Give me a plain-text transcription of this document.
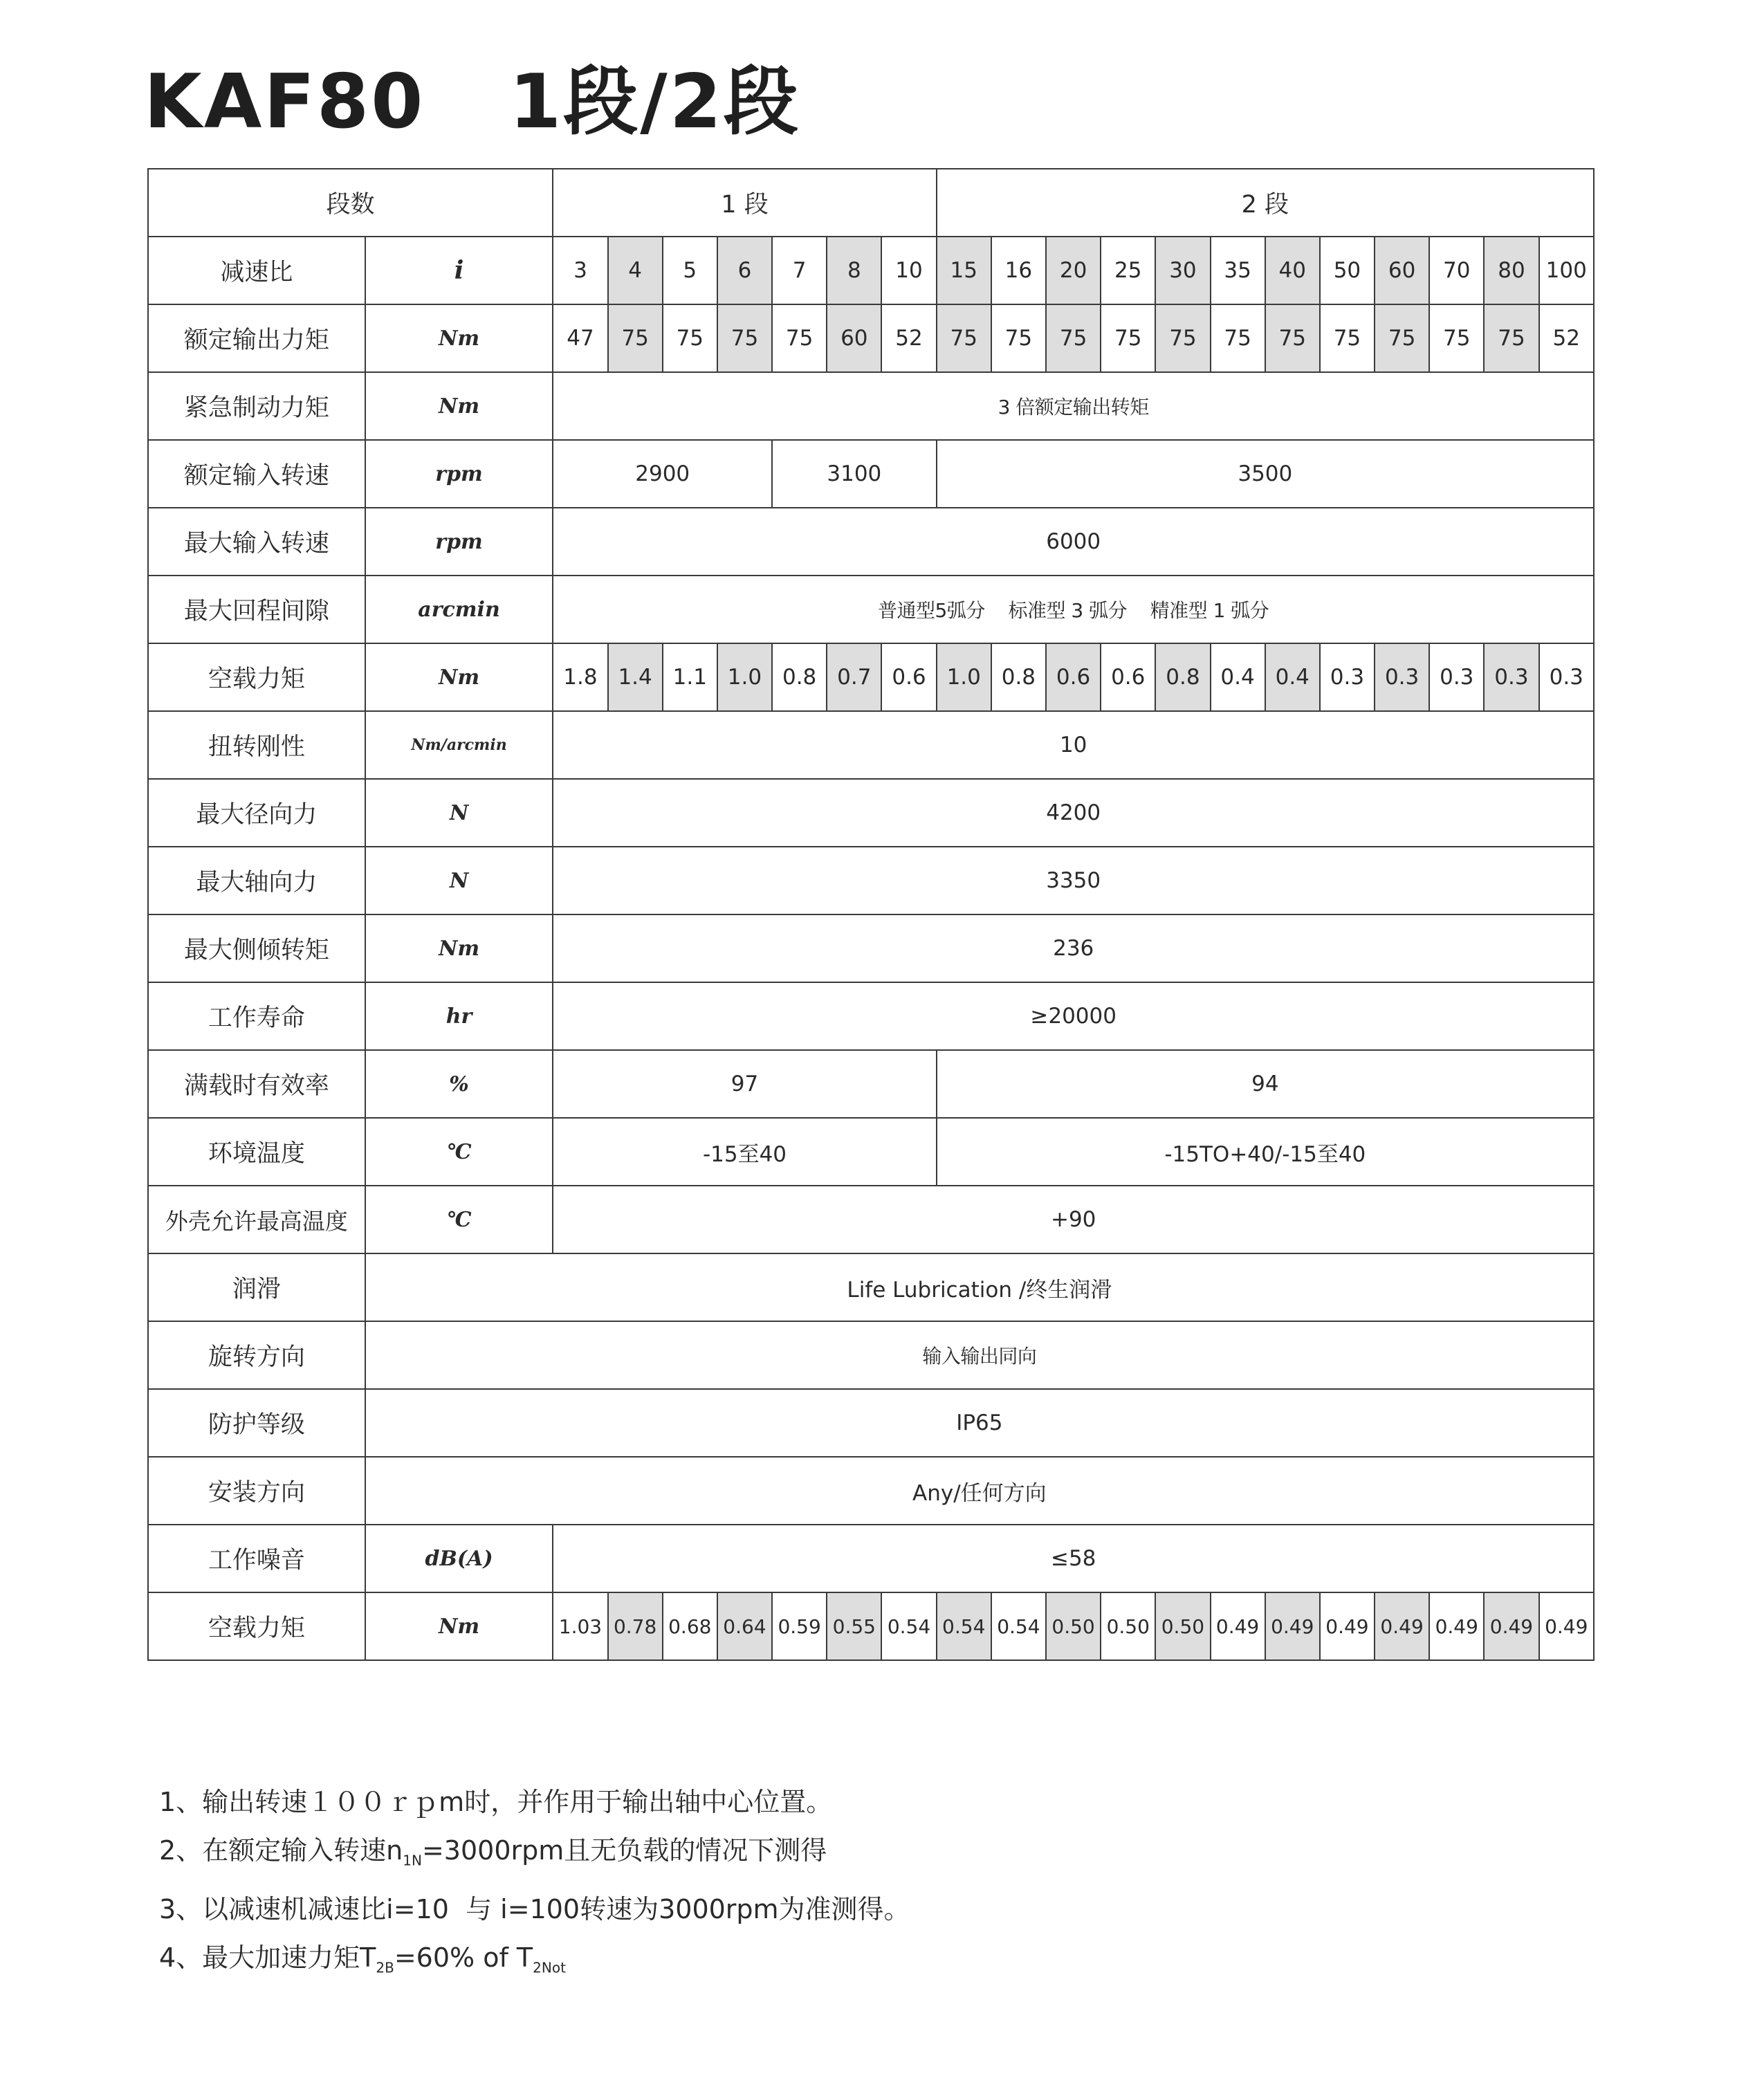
KAF80   1段/2段
段数		1 段							2 段											
减速比	i	3	4	5	6	7	8	10	15	16	20	25	30	35	40	50	60	70	80	100
额定输出力矩	Nm	47	75	75	75	75	60	52	75	75	75	75	75	75	75	75	75	75	75	52
紧急制动力矩	Nm	3 倍额定输出转矩																		
额定输入转速	rpm	2900				3100			3500											
最大输入转速	rpm	6000																		
最大回程间隙	arcmin	普通型5弧分    标准型 3 弧分    精准型 1 弧分																		
空载力矩	Nm	1.8	1.4	1.1	1.0	0.8	0.7	0.6	1.0	0.8	0.6	0.6	0.8	0.4	0.4	0.3	0.3	0.3	0.3	0.3
扭转刚性	Nm/arcmin	10																		
最大径向力	N	4200																		
最大轴向力	N	3350																		
最大侧倾转矩	Nm	236																		
工作寿命	hr	≥20000																		
满载时有效率	%	97							94											
环境温度	℃	-15至40							-15TO+40/-15至40											
外壳允许最高温度	℃	+90																		
润滑	Life Lubrication /终生润滑																			
旋转方向	输入输出同向																			
防护等级	IP65																			
安装方向	Any/任何方向																			
工作噪音	dB(A)	≤58																		
空载力矩	Nm	1.03	0.78	0.68	0.64	0.59	0.55	0.54	0.54	0.54	0.50	0.50	0.50	0.49	0.49	0.49	0.49	0.49	0.49	0.49
1、输出转速１００ｒｐm时，并作用于输出轴中心位置。
2、在额定输入转速$n_{1N}=3000rpm$且无负载的情况下测得
3、以减速机减速比i=10  与 i=100转速为3000rpm为准测得。
4、最大加速力矩$T_{2B}=60\%$ of $T_{2Not}$
